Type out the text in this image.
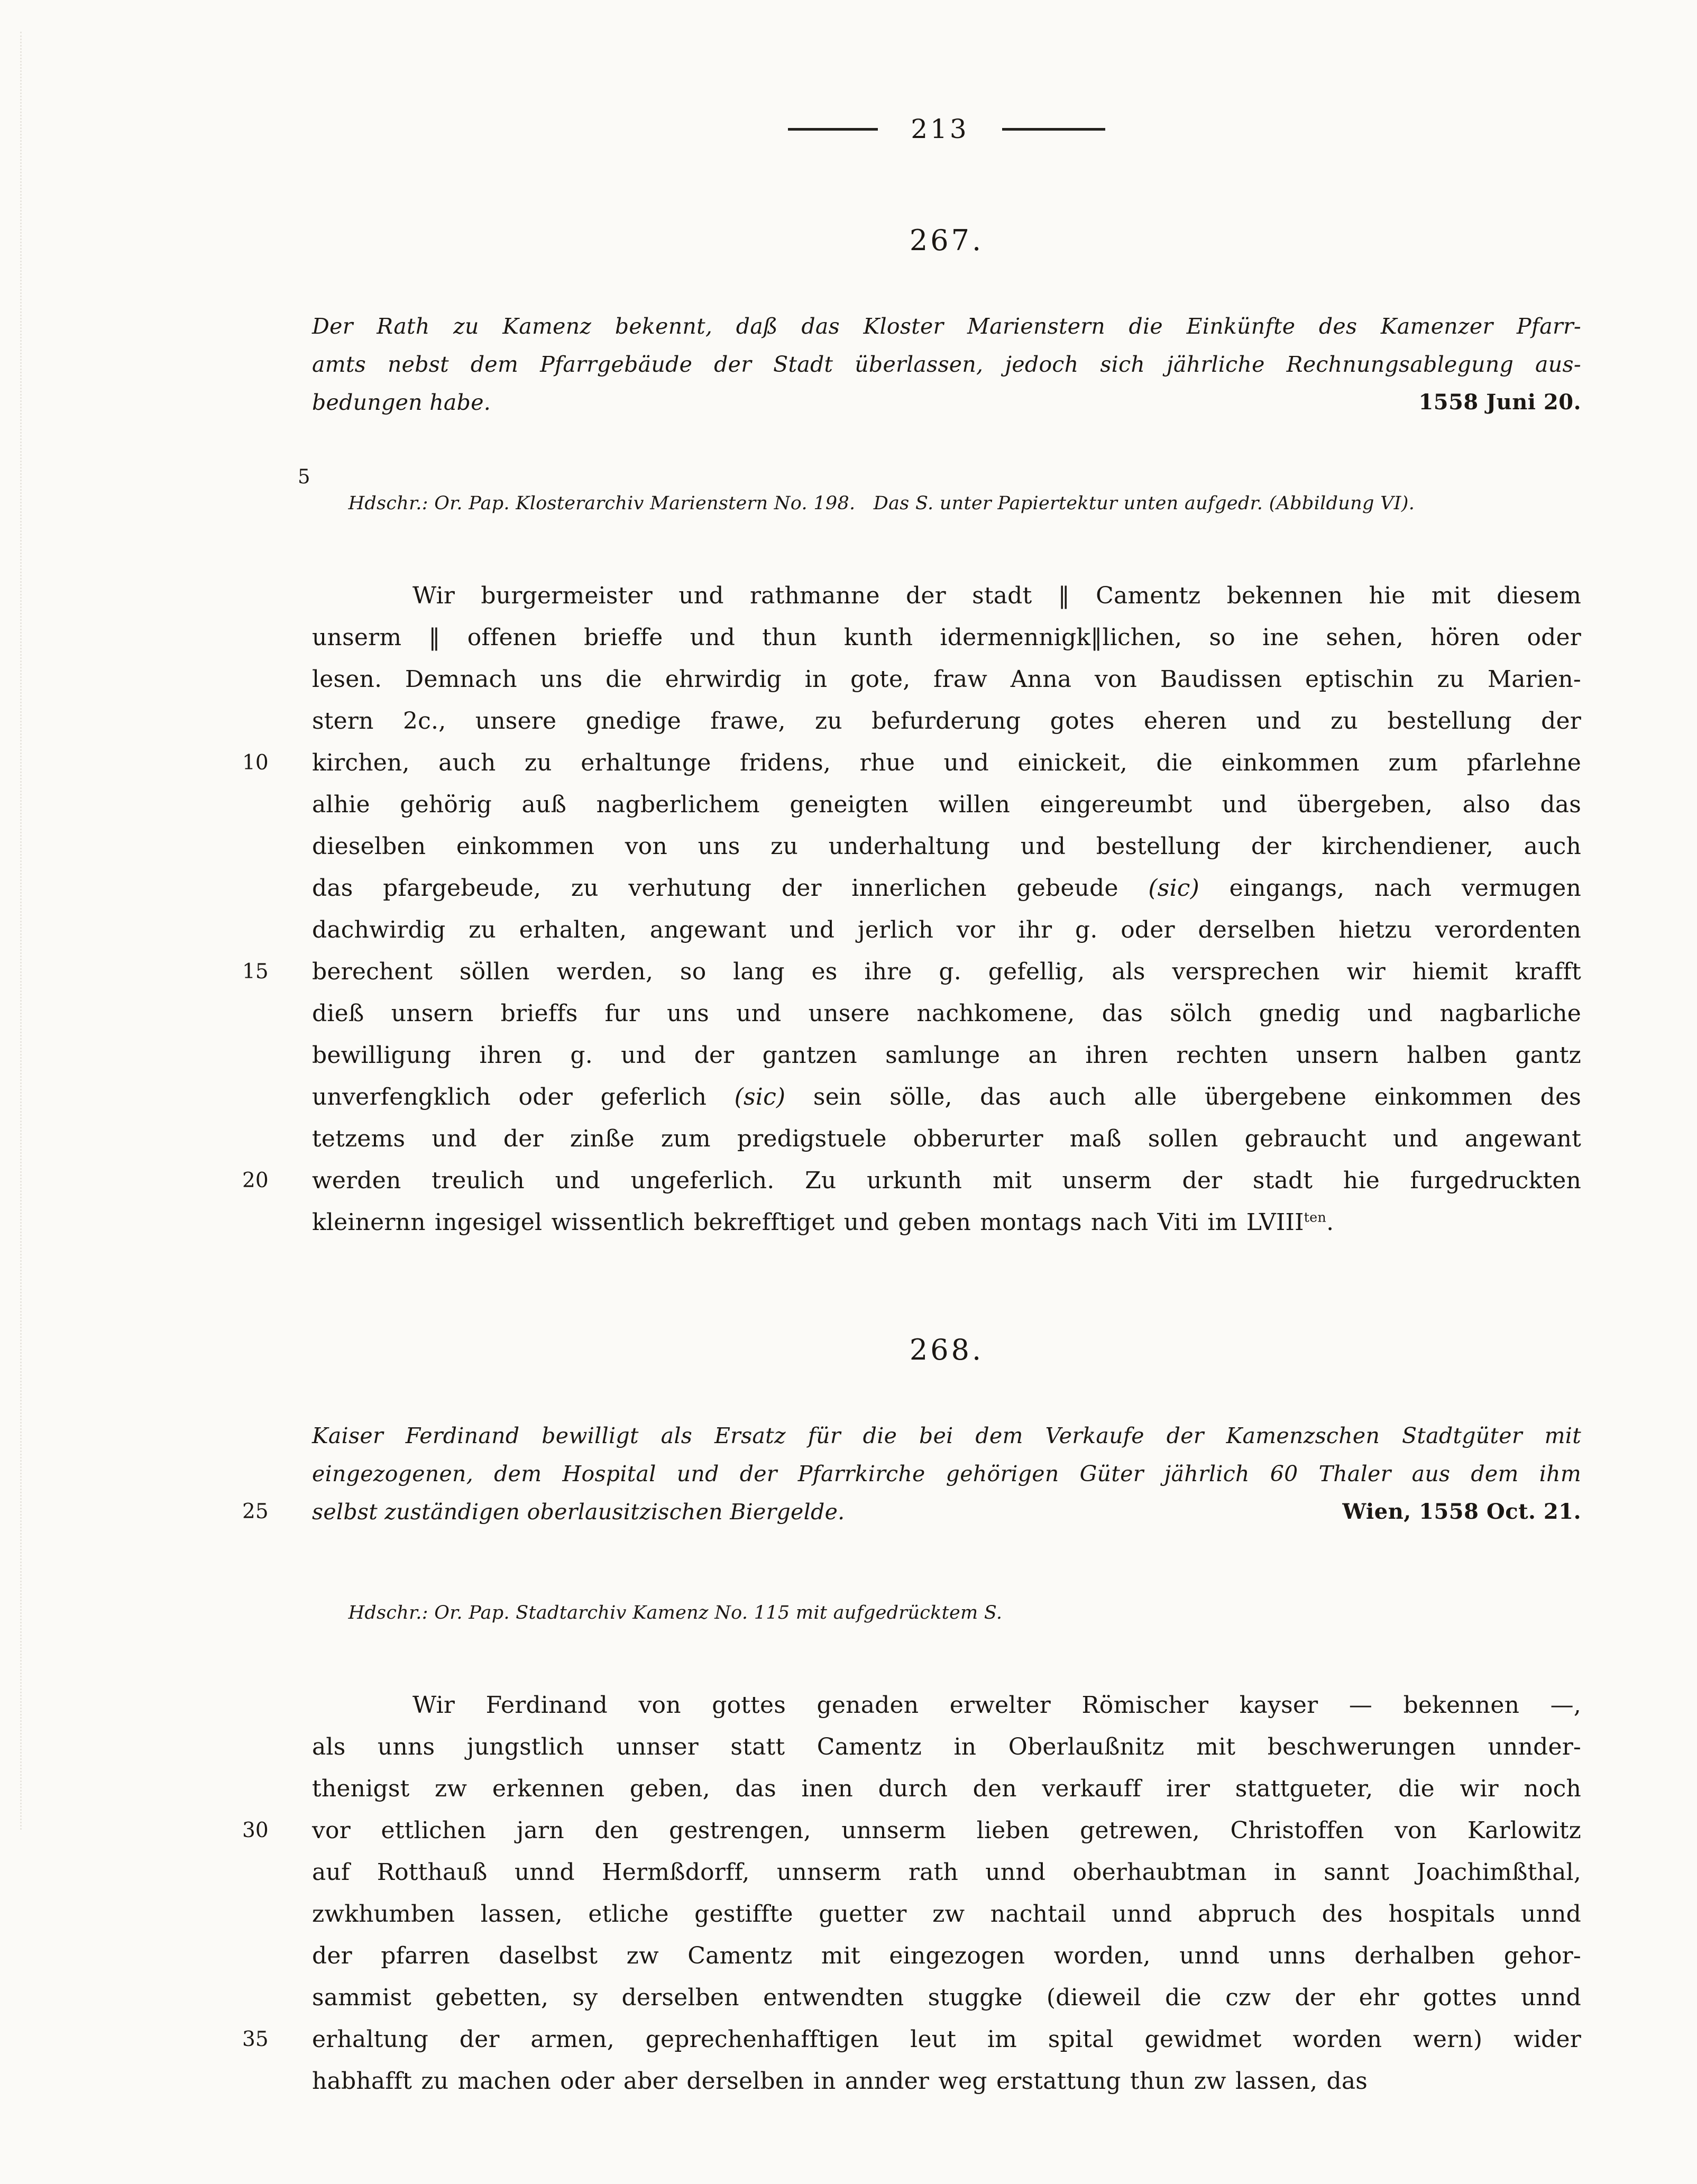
213
267.
Der Rath zu Kamenz bekennt, daß das Kloster Marienstern die Einkünfte des Kamenzer Pfarr-
amts nebst dem Pfarrgebäude der Stadt überlassen, jedoch sich jährliche Rechnungsablegung aus-
bedungen habe.	1558 Juni 20.

5

Hdschr.: Or. Pap. Klosterarchiv Marienstern No. 198.   Das S. unter Papiertektur unten aufgedr. (Abbildung VI).

Wir burgermeister und rathmanne der stadt ‖ Camentz bekennen hie mit diesem
unserm ‖ offenen brieffe und thun kunth idermennigk‖lichen, so ine sehen, hören oder
lesen. Demnach uns die ehrwirdig in gote, fraw Anna von Baudissen eptischin zu Marien-
stern 2c., unsere gnedige frawe, zu befurderung gotes eheren und zu bestellung der
10	kirchen, auch zu erhaltunge fridens, rhue und einickeit, die einkommen zum pfarlehne
alhie gehörig auß nagberlichem geneigten willen eingereumbt und übergeben, also das
dieselben einkommen von uns zu underhaltung und bestellung der kirchendiener, auch
das pfargebeude, zu verhutung der innerlichen gebeude (sic) eingangs, nach vermugen
dachwirdig zu erhalten, angewant und jerlich vor ihr g. oder derselben hietzu verordenten
15	berechent söllen werden, so lang es ihre g. gefellig, als versprechen wir hiemit krafft
dieß unsern brieffs fur uns und unsere nachkomene, das sölch gnedig und nagbarliche
bewilligung ihren g. und der gantzen samlunge an ihren rechten unsern halben gantz
unverfengklich oder geferlich (sic) sein sölle, das auch alle übergebene einkommen des
tetzems und der zinße zum predigstuele obberurter maß sollen gebraucht und angewant
20	werden treulich und ungeferlich. Zu urkunth mit unserm der stadt hie furgedruckten
kleinernn ingesigel wissentlich bekrefftiget und geben montags nach Viti im $LVIII^{ten}$.
268.
Kaiser Ferdinand bewilligt als Ersatz für die bei dem Verkaufe der Kamenzschen Stadtgüter mit
eingezogenen, dem Hospital und der Pfarrkirche gehörigen Güter jährlich 60 Thaler aus dem ihm
25	selbst zuständigen oberlausitzischen Biergelde.	Wien, 1558 Oct. 21.

Hdschr.: Or. Pap. Stadtarchiv Kamenz No. 115 mit aufgedrücktem S.

Wir Ferdinand von gottes genaden erwelter Römischer kayser — bekennen —,
als unns jungstlich unnser statt Camentz in Oberlaußnitz mit beschwerungen unnder-
thenigst zw erkennen geben, das inen durch den verkauff irer stattgueter, die wir noch
30	vor ettlichen jarn den gestrengen, unnserm lieben getrewen, Christoffen von Karlowitz
auf Rotthauß unnd Hermßdorff, unnserm rath unnd oberhaubtman in sannt Joachimßthal,
zwkhumben lassen, etliche gestiffte guetter zw nachtail unnd abpruch des hospitals unnd
der pfarren daselbst zw Camentz mit eingezogen worden, unnd unns derhalben gehor-
sammist gebetten, sy derselben entwendten stuggke (dieweil die czw der ehr gottes unnd
35	erhaltung der armen, geprechenhafftigen leut im spital gewidmet worden wern) wider
habhafft zu machen oder aber derselben in annder weg erstattung thun zw lassen, das
